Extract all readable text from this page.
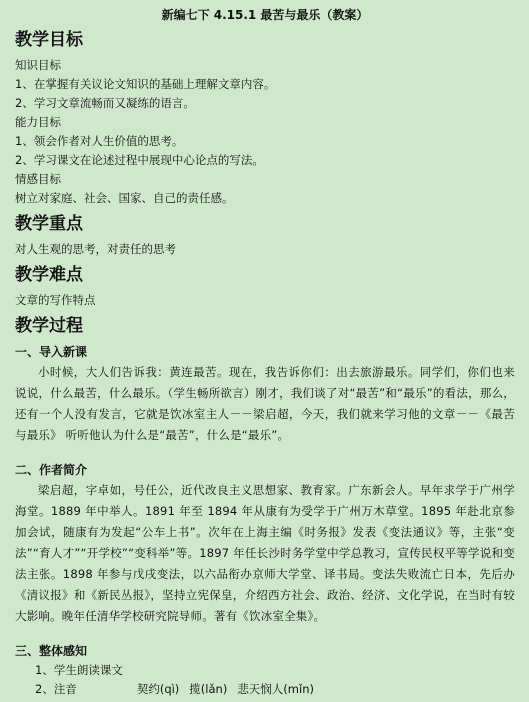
新编七下 4.15.1 最苦与最乐（教案）
教学目标
知识目标
1、在掌握有关议论文知识的基础上理解文章内容。
2、学习文章流畅而又凝练的语言。
能力目标
1、领会作者对人生价值的思考。
2、学习课文在论述过程中展现中心论点的写法。
情感目标
树立对家庭、社会、国家、自己的责任感。
教学重点
对人生观的思考，对责任的思考
教学难点
文章的写作特点
教学过程
一、导入新课
小时候，大人们告诉我：黄连最苦。现在，我告诉你们：出去旅游最乐。同学们，你们也来说说，什么最苦，什么最乐。（学生畅所欲言）刚才，我们谈了对“最苦”和“最乐”的看法，那么，还有一个人没有发言，它就是饮冰室主人－－梁启超，今天，我们就来学习他的文章－－《最苦与最乐》 听听他认为什么是“最苦”，什么是“最乐”。
二、作者简介
梁启超，字卓如，号任公，近代改良主义思想家、教育家。广东新会人。早年求学于广州学海堂。1889 年中举人。1891 年至 1894 年从康有为受学于广州万木草堂。1895 年赴北京参加会试，随康有为发起“公车上书”。次年在上海主编《时务报》发表《变法通议》等，主张“变法”“育人才”“开学校”“变科举”等。1897 年任长沙时务学堂中学总教习，宣传民权平等学说和变法主张。1898 年参与戊戌变法，以六品衔办京师大学堂、译书局。变法失败流亡日本，先后办《清议报》和《新民丛报》，坚持立宪保皇，介绍西方社会、政治、经济、文化学说，在当时有较大影响。晚年任清华学校研究院导师。著有《饮冰室全集》。
三、整体感知
1、学生朗读课文
2、注音	契约(qì) 揽(lǎn) 悲天悯人(mǐn)
